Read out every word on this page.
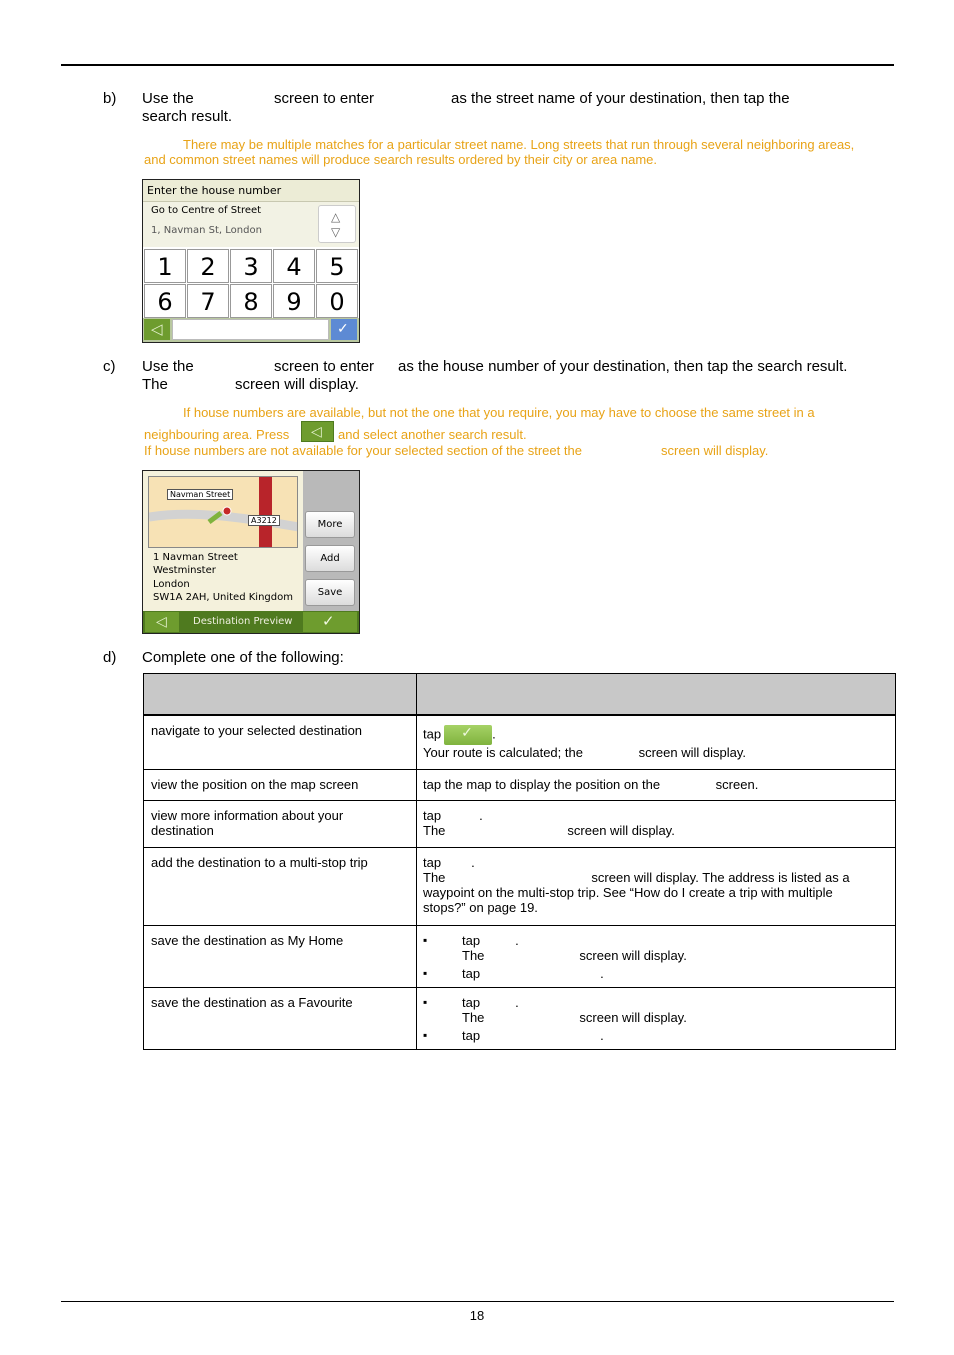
b) Use the	screen to enter	as the street name of your destination, then tap the
search result.
There may be multiple matches for a particular street name. Long streets that run through several neighboring areas,
and common street names will produce search results ordered by their city or area name.
Enter the house number
Go to Centre of Street
1, Navman St, London
△
▽
1	2	3	4	5
6	7	8	9	0
◁	✓
c) Use the	screen to enter as the house number of your destination, then tap the search result.
The	screen will display.
If house numbers are available, but not the one that you require, you may have to choose the same street in a
neighbouring area. Press ◁ and select another search result.
If house numbers are not available for your selected section of the street the	screen will display.
Navman Street
A3212
1 Navman Street
Westminster
London
SW1A 2AH, United Kingdom
More
Add
Save
◁	Destination Preview ✓
d) Complete one of the following:

navigate to your selected destination	tap ✓ .
Your route is calculated; the screen will display.

view the position on the map screen	tap the map to display the position on the screen.
view more information about your destination	tap .
The screen will display.

add the destination to a multi-stop trip	tap .
The screen will display. The address is listed as a
waypoint on the multi-stop trip. See “How do I create a trip with multiple
stops?” on page 19.

save the destination as My Home	▪ tap .
The screen will display.
▪ tap .

save the destination as a Favourite	▪ tap .
The screen will display.
▪ tap .
18
